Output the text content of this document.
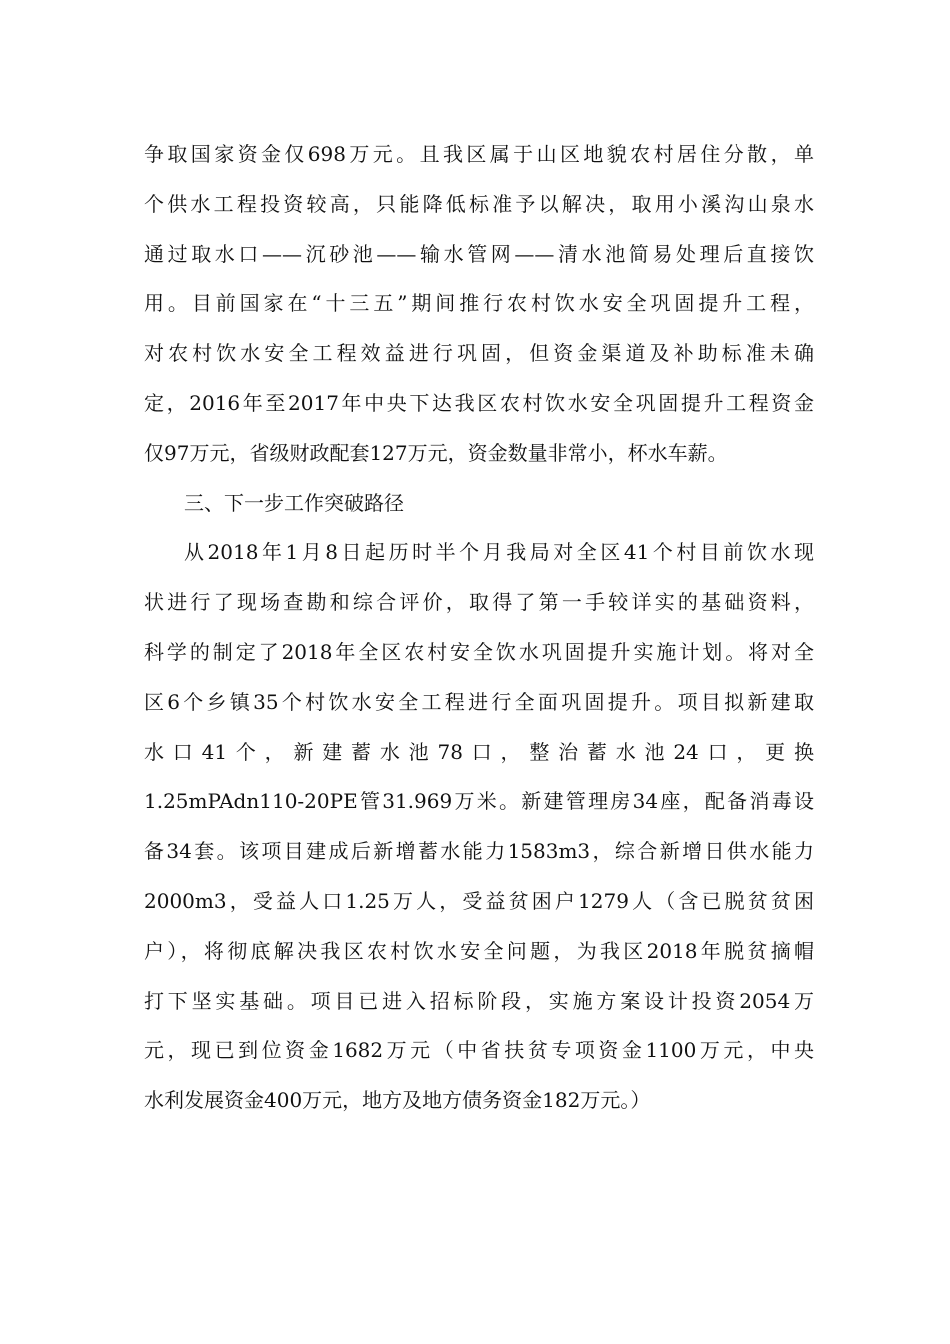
争取国家资金仅698万元。且我区属于山区地貌农村居住分散，单
个供水工程投资较高，只能降低标准予以解决，取用小溪沟山泉水
通过取水口——沉砂池——输水管网——清水池简易处理后直接饮
用。目前国家在“十三五”期间推行农村饮水安全巩固提升工程，
对农村饮水安全工程效益进行巩固，但资金渠道及补助标准未确
定，2016年至2017年中央下达我区农村饮水安全巩固提升工程资金
仅97万元，省级财政配套127万元，资金数量非常小，杯水车薪。
三、下一步工作突破路径
从2018年1月8日起历时半个月我局对全区41个村目前饮水现
状进行了现场查勘和综合评价，取得了第一手较详实的基础资料，
科学的制定了2018年全区农村安全饮水巩固提升实施计划。将对全
区6个乡镇35个村饮水安全工程进行全面巩固提升。项目拟新建取
水口41个，新建蓄水池78口，整治蓄水池24口，更换
1.25mPAdn110-20PE管31.969万米。新建管理房34座，配备消毒设
备34套。该项目建成后新增蓄水能力1583m3，综合新增日供水能力
2000m3，受益人口1.25万人，受益贫困户1279人（含已脱贫贫困
户），将彻底解决我区农村饮水安全问题，为我区2018年脱贫摘帽
打下坚实基础。项目已进入招标阶段，实施方案设计投资2054万
元，现已到位资金1682万元（中省扶贫专项资金1100万元，中央
水利发展资金400万元，地方及地方债务资金182万元。）
